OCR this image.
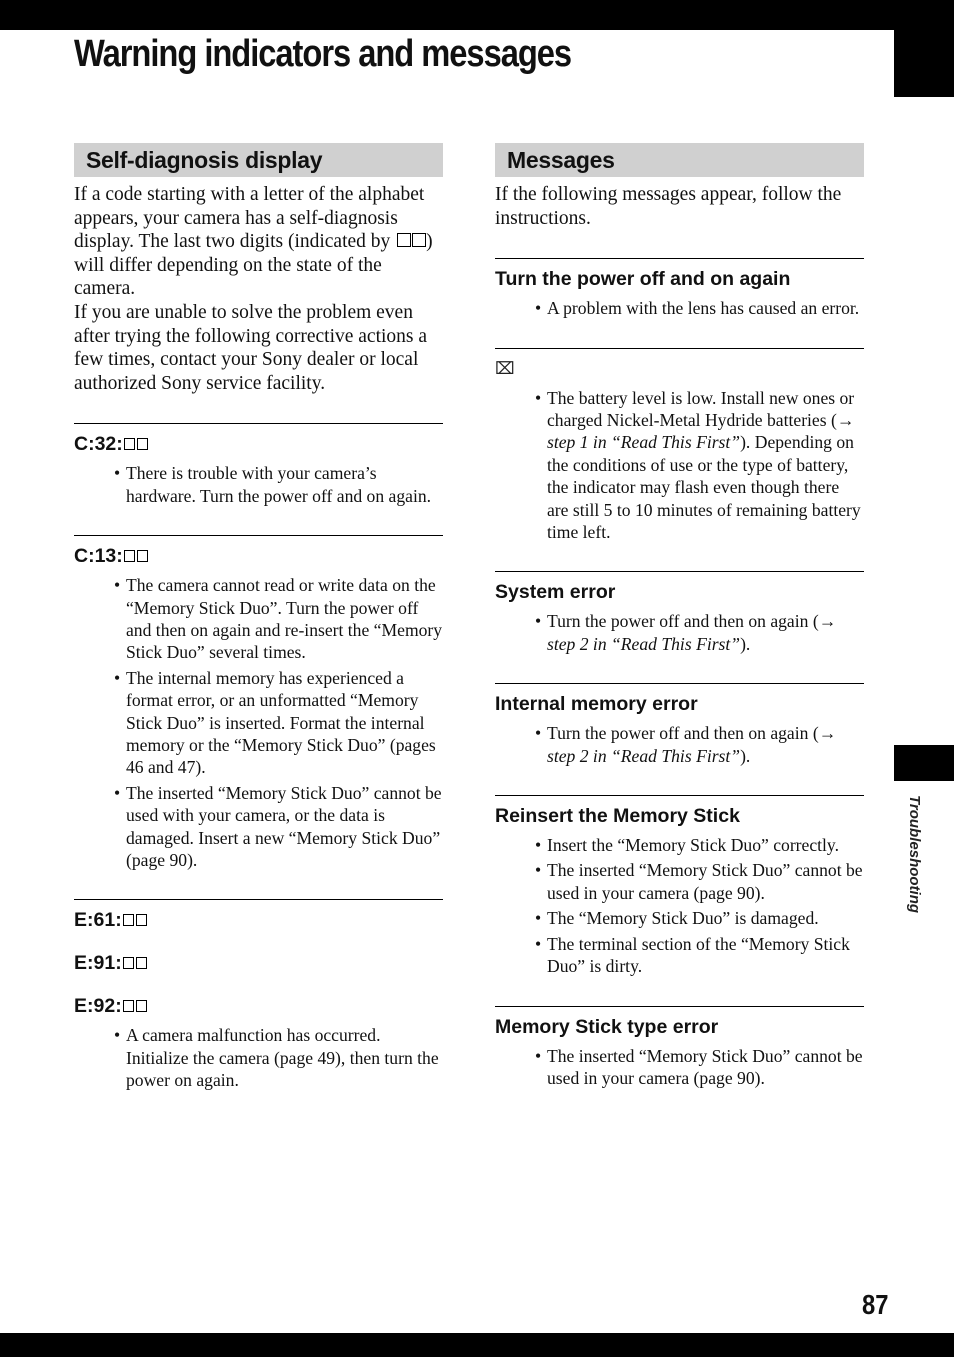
Warning indicators and messages
Self-diagnosis display

If a code starting with a letter of the alphabet appears, your camera has a self-diagnosis display. The last two digits (indicated by ) will differ depending on the state of the camera.
If you are unable to solve the problem even after trying the following corrective actions a few times, contact your Sony dealer or local authorized Sony service facility.

C:32:
• There is trouble with your camera’s hardware. Turn the power off and on again.
C:13:
• The camera cannot read or write data on the “Memory Stick Duo”. Turn the power off and then on again and re-insert the “Memory Stick Duo” several times.
• The internal memory has experienced a format error, or an unformatted “Memory Stick Duo” is inserted. Format the internal memory or the “Memory Stick Duo” (pages 46 and 47).
• The inserted “Memory Stick Duo” cannot be used with your camera, or the data is damaged. Insert a new “Memory Stick Duo” (page 90).
E:61:
E:91:
E:92:
• A camera malfunction has occurred. Initialize the camera (page 49), then turn the power on again.
Messages

If the following messages appear, follow the instructions.

Turn the power off and on again
• A problem with the lens has caused an error.
⌧
• The battery level is low. Install new ones or charged Nickel-Metal Hydride batteries (→ step 1 in “Read This First”). Depending on the conditions of use or the type of battery, the indicator may flash even though there are still 5 to 10 minutes of remaining battery time left.
System error
• Turn the power off and then on again (→ step 2 in “Read This First”).
Internal memory error
• Turn the power off and then on again (→ step 2 in “Read This First”).
Reinsert the Memory Stick
• Insert the “Memory Stick Duo” correctly.
• The inserted “Memory Stick Duo” cannot be used in your camera (page 90).
• The “Memory Stick Duo” is damaged.
• The terminal section of the “Memory Stick Duo” is dirty.
Memory Stick type error
• The inserted “Memory Stick Duo” cannot be used in your camera (page 90).
Troubleshooting
87
